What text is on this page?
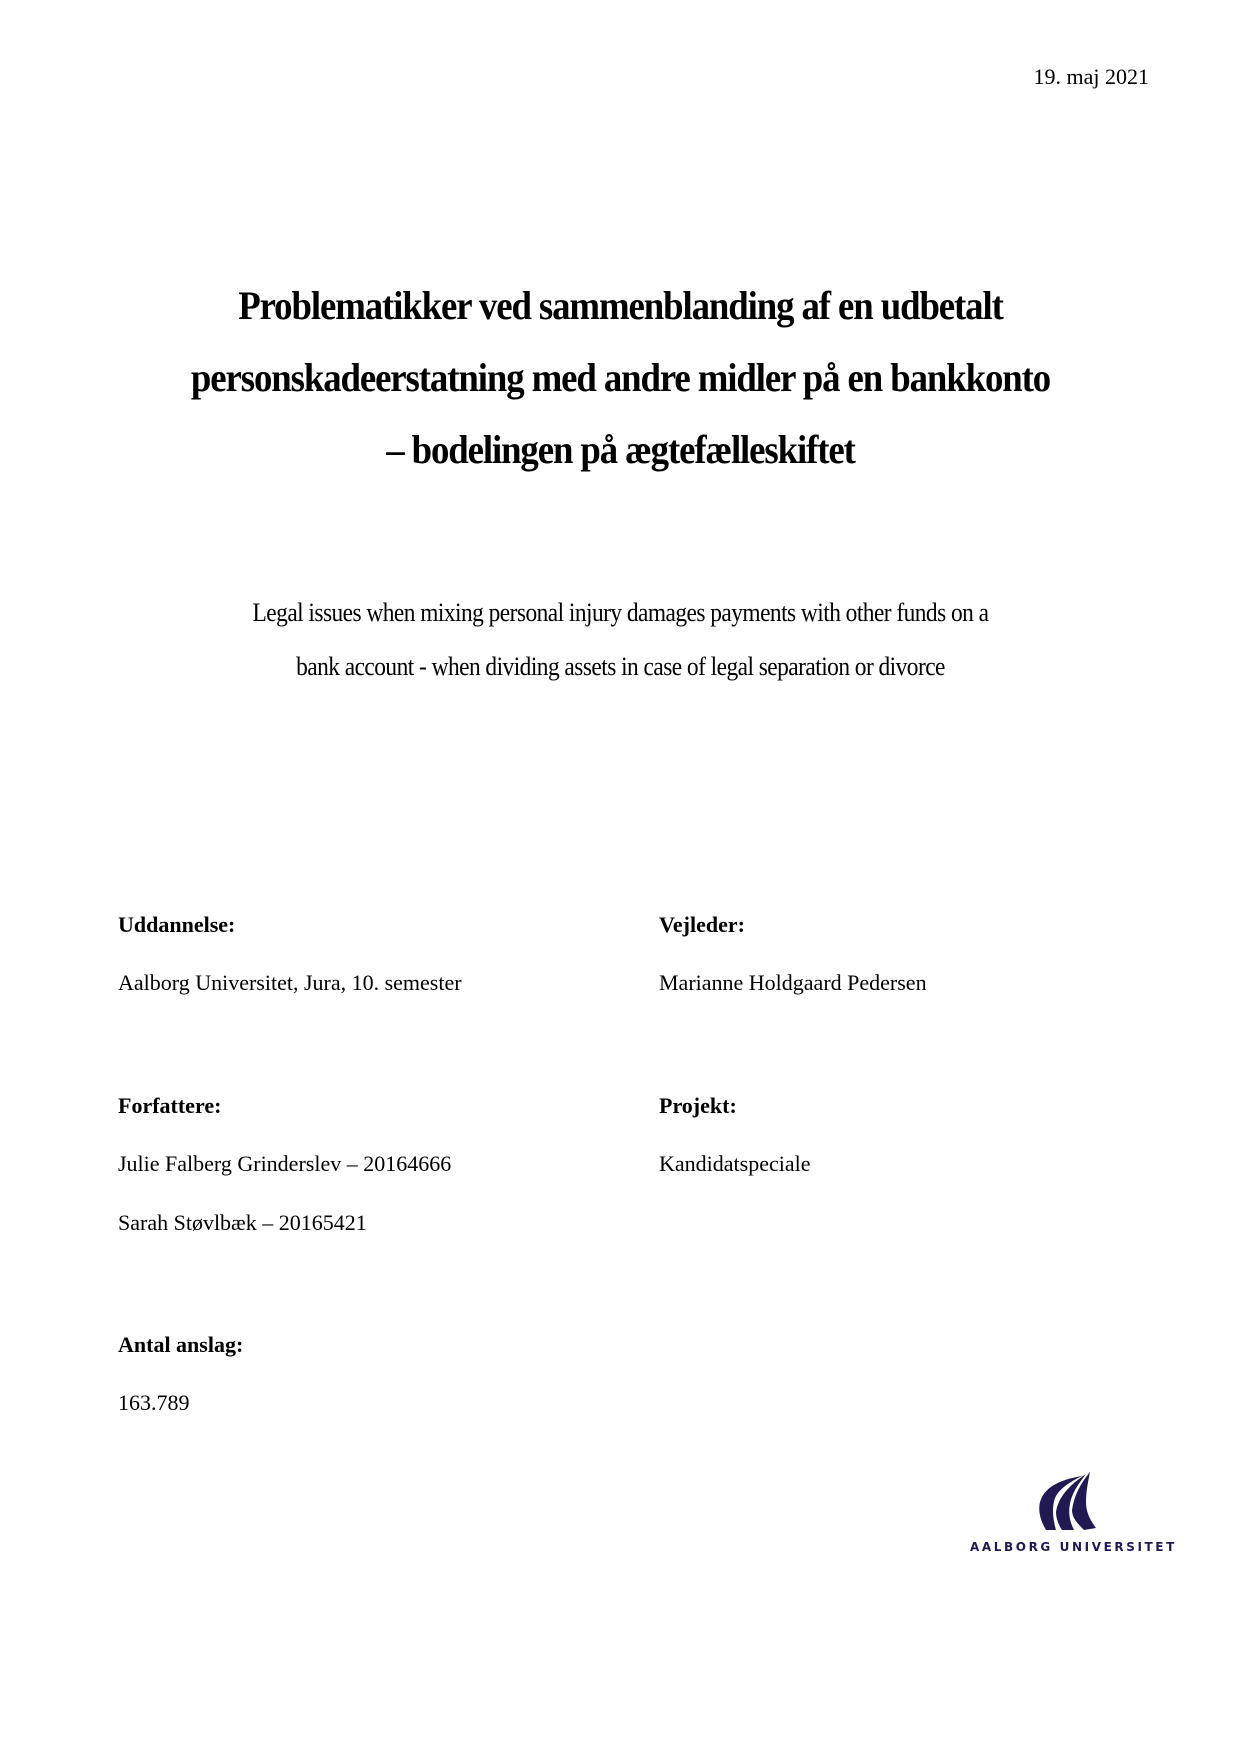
19. maj 2021
Problematikker ved sammenblanding af en udbetalt
personskadeerstatning med andre midler på en bankkonto
– bodelingen på ægtefælleskiftet
Legal issues when mixing personal injury damages payments with other funds on a
bank account - when dividing assets in case of legal separation or divorce
Uddannelse:
Aalborg Universitet, Jura, 10. semester
Vejleder:
Marianne Holdgaard Pedersen
Forfattere:
Julie Falberg Grinderslev – 20164666
Sarah Støvlbæk – 20165421
Projekt:
Kandidatspeciale
Antal anslag:
163.789
AALBORG UNIVERSITET
